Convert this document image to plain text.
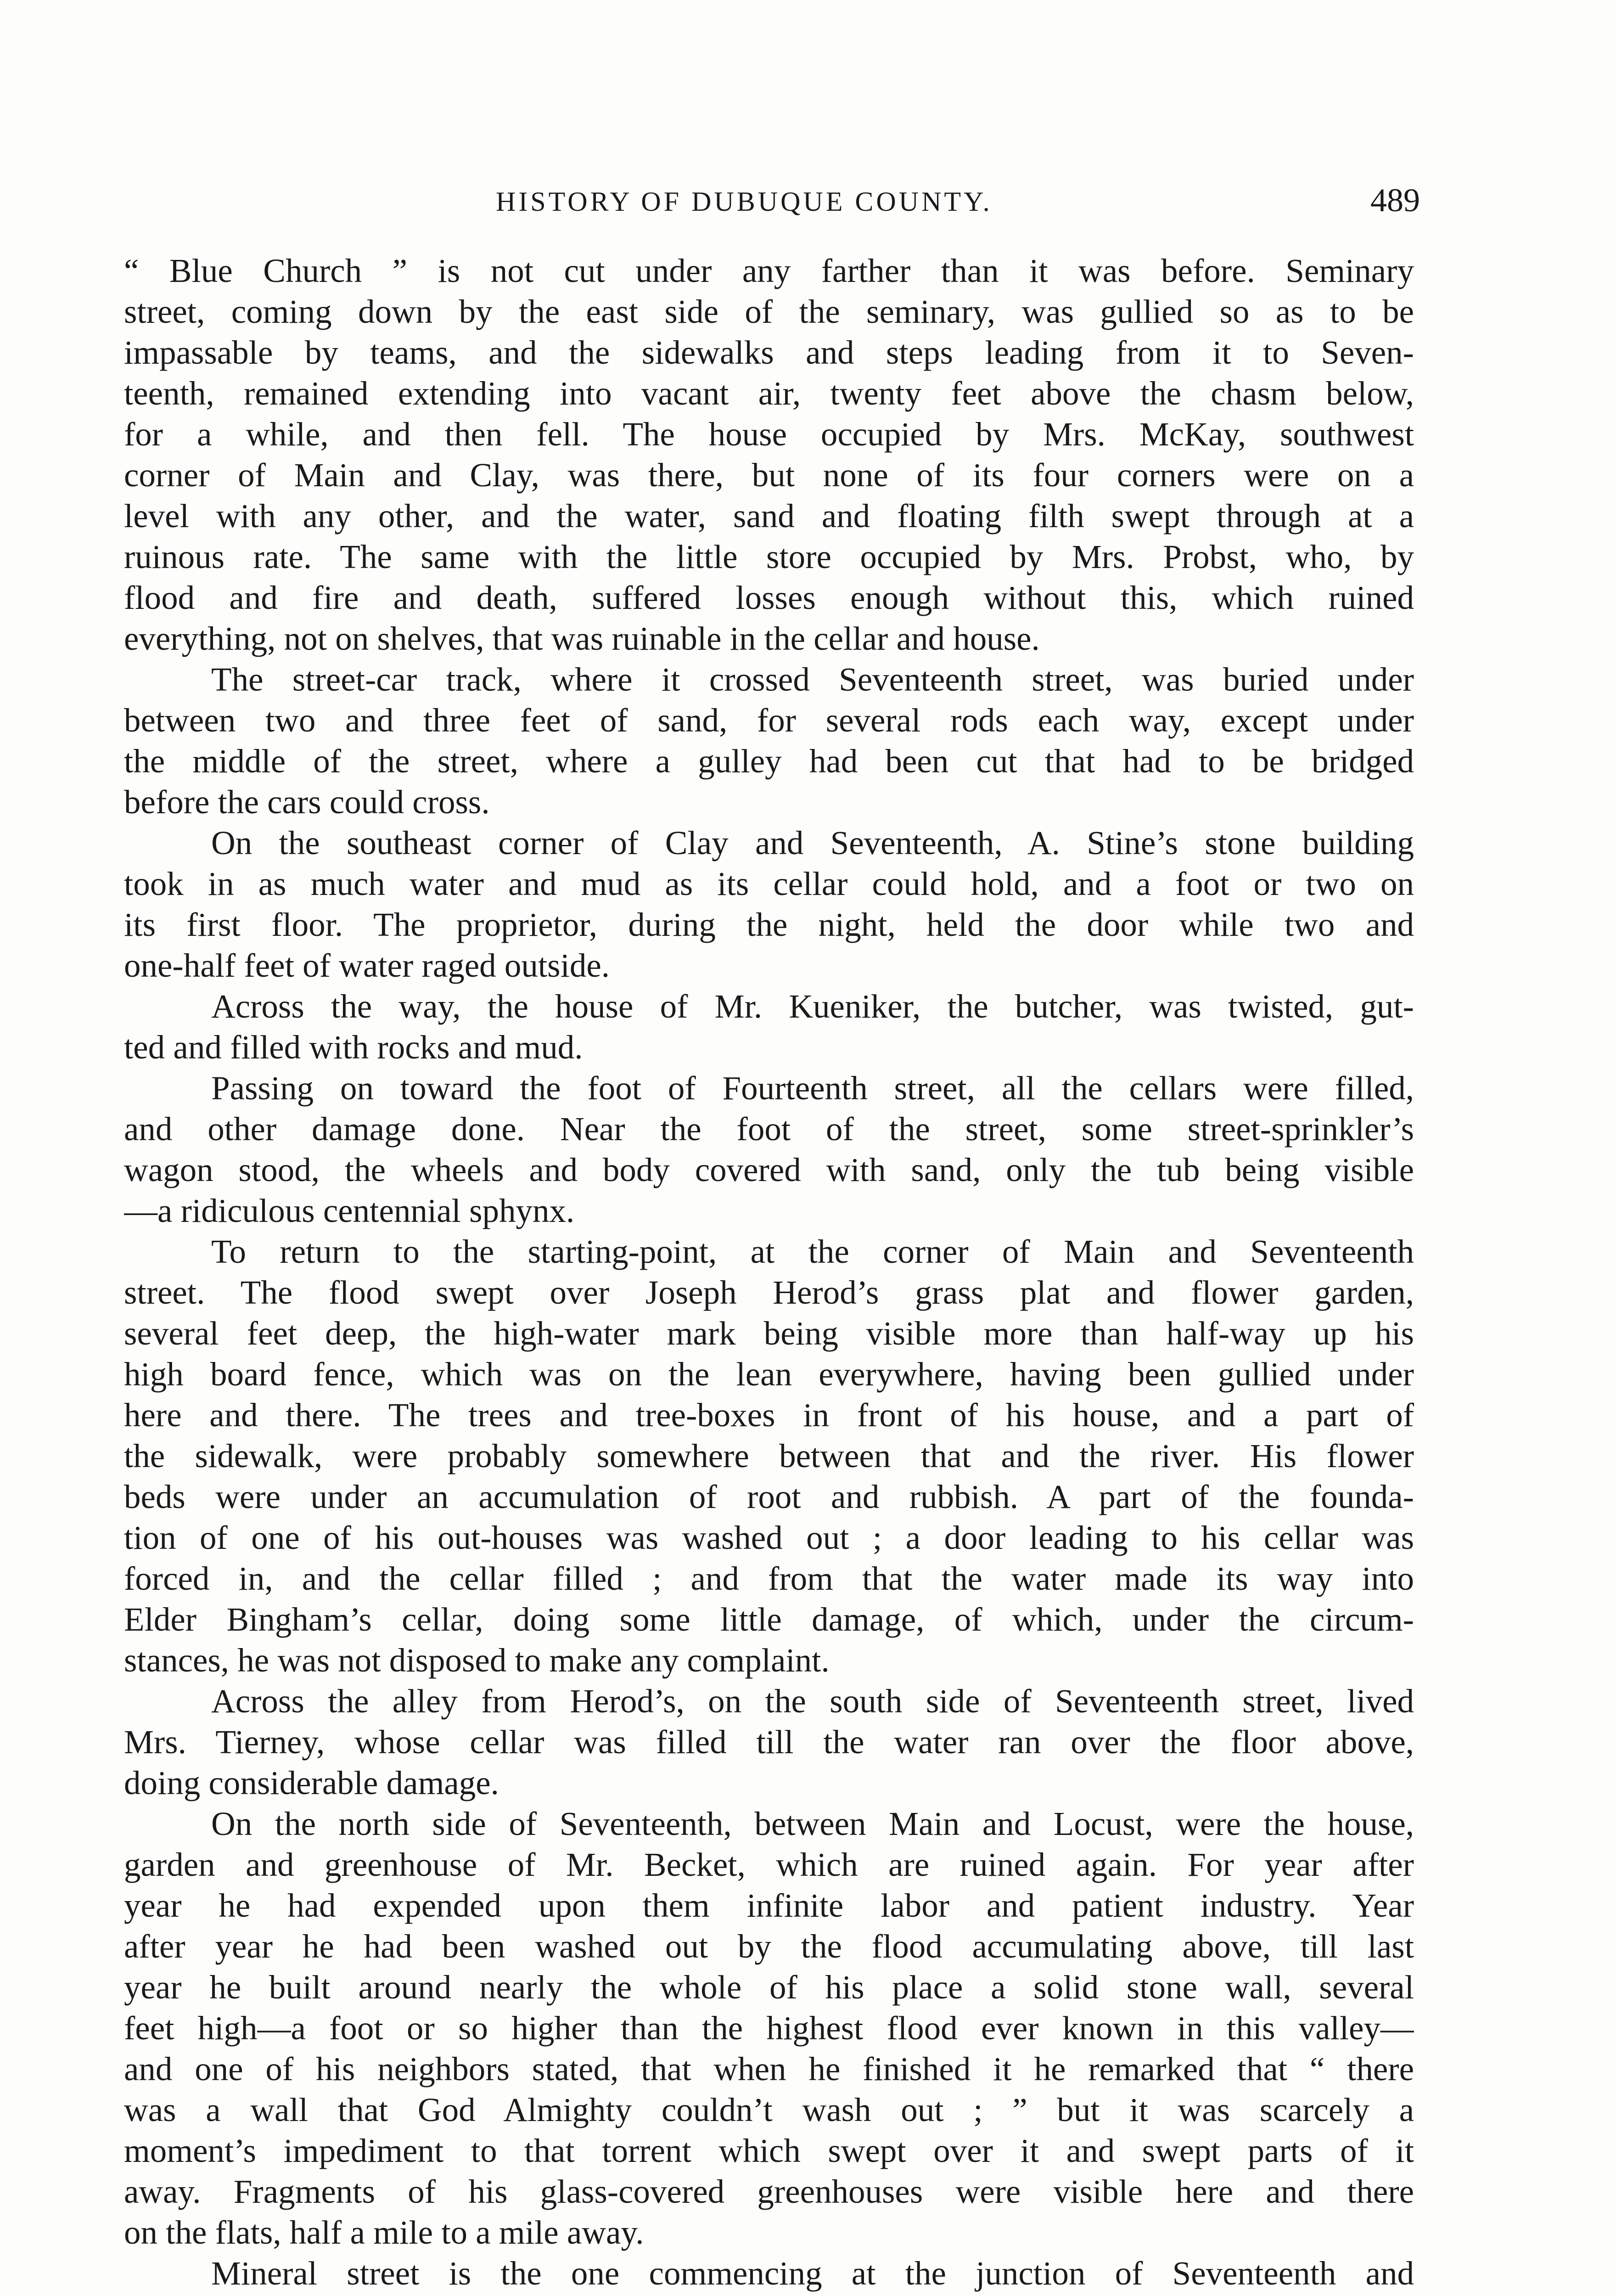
HISTORY OF DUBUQUE COUNTY.	489
“ Blue Church ” is not cut under any farther than it was before. Seminary
street, coming down by the east side of the seminary, was gullied so as to be
impassable by teams, and the sidewalks and steps leading from it to Seven-
teenth, remained extending into vacant air, twenty feet above the chasm below,
for a while, and then fell. The house occupied by Mrs. McKay, southwest
corner of Main and Clay, was there, but none of its four corners were on a
level with any other, and the water, sand and floating filth swept through at a
ruinous rate. The same with the little store occupied by Mrs. Probst, who, by
flood and fire and death, suffered losses enough without this, which ruined
everything, not on shelves, that was ruinable in the cellar and house.
The street-car track, where it crossed Seventeenth street, was buried under
between two and three feet of sand, for several rods each way, except under
the middle of the street, where a gulley had been cut that had to be bridged
before the cars could cross.
On the southeast corner of Clay and Seventeenth, A. Stine’s stone building
took in as much water and mud as its cellar could hold, and a foot or two on
its first floor. The proprietor, during the night, held the door while two and
one-half feet of water raged outside.
Across the way, the house of Mr. Kueniker, the butcher, was twisted, gut-
ted and filled with rocks and mud.
Passing on toward the foot of Fourteenth street, all the cellars were filled,
and other damage done. Near the foot of the street, some street-sprinkler’s
wagon stood, the wheels and body covered with sand, only the tub being visible
—a ridiculous centennial sphynx.
To return to the starting-point, at the corner of Main and Seventeenth
street. The flood swept over Joseph Herod’s grass plat and flower garden,
several feet deep, the high-water mark being visible more than half-way up his
high board fence, which was on the lean everywhere, having been gullied under
here and there. The trees and tree-boxes in front of his house, and a part of
the sidewalk, were probably somewhere between that and the river. His flower
beds were under an accumulation of root and rubbish. A part of the founda-
tion of one of his out-houses was washed out ; a door leading to his cellar was
forced in, and the cellar filled ; and from that the water made its way into
Elder Bingham’s cellar, doing some little damage, of which, under the circum-
stances, he was not disposed to make any complaint.
Across the alley from Herod’s, on the south side of Seventeenth street, lived
Mrs. Tierney, whose cellar was filled till the water ran over the floor above,
doing considerable damage.
On the north side of Seventeenth, between Main and Locust, were the house,
garden and greenhouse of Mr. Becket, which are ruined again. For year after
year he had expended upon them infinite labor and patient industry. Year
after year he had been washed out by the flood accumulating above, till last
year he built around nearly the whole of his place a solid stone wall, several
feet high—a foot or so higher than the highest flood ever known in this valley—
and one of his neighbors stated, that when he finished it he remarked that “ there
was a wall that God Almighty couldn’t wash out ; ” but it was scarcely a
moment’s impediment to that torrent which swept over it and swept parts of it
away. Fragments of his glass-covered greenhouses were visible here and there
on the flats, half a mile to a mile away.
Mineral street is the one commencing at the junction of Seventeenth and
